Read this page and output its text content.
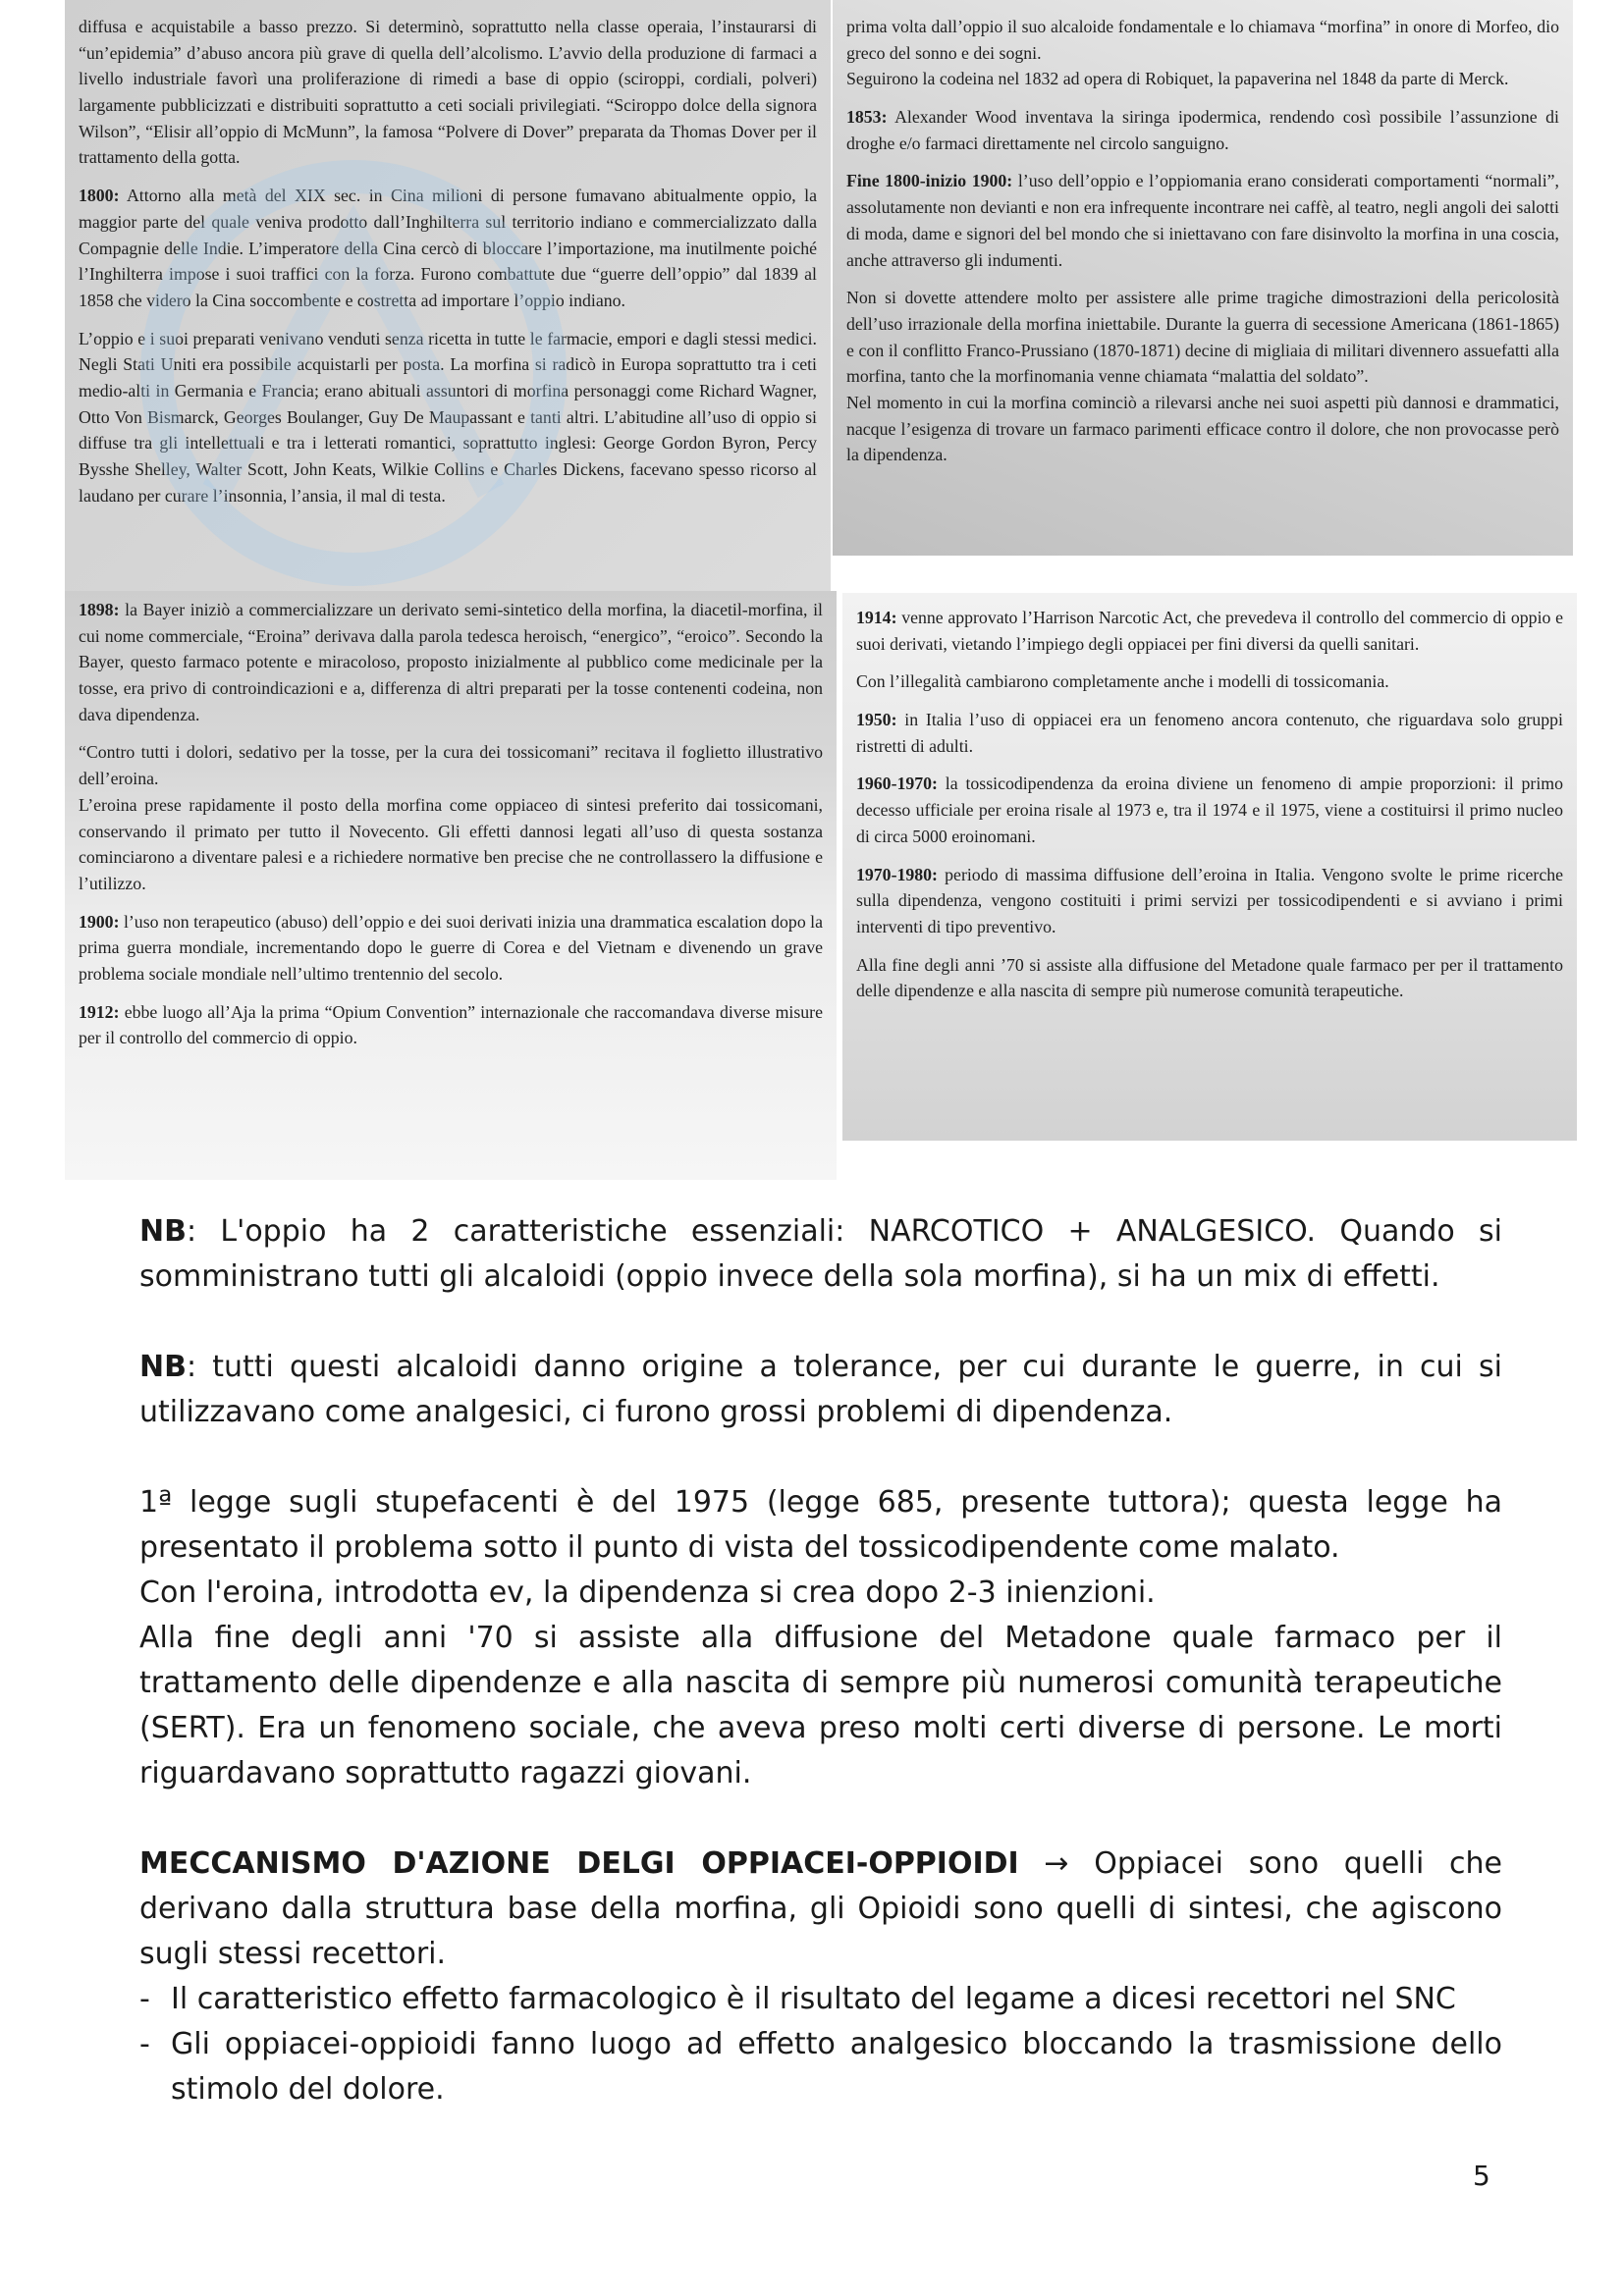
diffusa e acquistabile a basso prezzo. Si determinò, soprattutto nella classe operaia, l’instaurarsi di “un’epidemia” d’abuso ancora più grave di quella dell’alcolismo. L’avvio della produzione di farmaci a livello industriale favorì una proliferazione di rimedi a base di oppio (sciroppi, cordiali, polveri) largamente pubblicizzati e distribuiti soprattutto a ceti sociali privilegiati. “Sciroppo dolce della signora Wilson”, “Elisir all’oppio di McMunn”, la famosa “Polvere di Dover” preparata da Thomas Dover per il trattamento della gotta.

1800: Attorno alla metà del XIX sec. in Cina milioni di persone fumavano abitualmente oppio, la maggior parte del quale veniva prodotto dall’Inghilterra sul territorio indiano e commercializzato dalla Compagnie delle Indie. L’imperatore della Cina cercò di bloccare l’importazione, ma inutilmente poiché l’Inghilterra impose i suoi traffici con la forza. Furono combattute due “guerre dell’oppio” dal 1839 al 1858 che videro la Cina soccombente e costretta ad importare l’oppio indiano.

L’oppio e i suoi preparati venivano venduti senza ricetta in tutte le farmacie, empori e dagli stessi medici. Negli Stati Uniti era possibile acquistarli per posta. La morfina si radicò in Europa soprattutto tra i ceti medio-alti in Germania e Francia; erano abituali assuntori di morfina personaggi come Richard Wagner, Otto Von Bismarck, Georges Boulanger, Guy De Maupassant e tanti altri. L’abitudine all’uso di oppio si diffuse tra gli intellettuali e tra i letterati romantici, soprattutto inglesi: George Gordon Byron, Percy Bysshe Shelley, Walter Scott, John Keats, Wilkie Collins e Charles Dickens, facevano spesso ricorso al laudano per curare l’insonnia, l’ansia, il mal di testa.

prima volta dall’oppio il suo alcaloide fondamentale e lo chiamava “morfina” in onore di Morfeo, dio greco del sonno e dei sogni.

Seguirono la codeina nel 1832 ad opera di Robiquet, la papaverina nel 1848 da parte di Merck.

1853: Alexander Wood inventava la siringa ipodermica, rendendo così possibile l’assunzione di droghe e/o farmaci direttamente nel circolo sanguigno.

Fine 1800-inizio 1900: l’uso dell’oppio e l’oppiomania erano considerati comportamenti “normali”, assolutamente non devianti e non era infrequente incontrare nei caffè, al teatro, negli angoli dei salotti di moda, dame e signori del bel mondo che si iniettavano con fare disinvolto la morfina in una coscia, anche attraverso gli indumenti.

Non si dovette attendere molto per assistere alle prime tragiche dimostrazioni della pericolosità dell’uso irrazionale della morfina iniettabile. Durante la guerra di secessione Americana (1861-1865) e con il conflitto Franco-Prussiano (1870-1871) decine di migliaia di militari divennero assuefatti alla morfina, tanto che la morfinomania venne chiamata “malattia del soldato”.

Nel momento in cui la morfina cominciò a rilevarsi anche nei suoi aspetti più dannosi e drammatici, nacque l’esigenza di trovare un farmaco parimenti efficace contro il dolore, che non provocasse però la dipendenza.

1898: la Bayer iniziò a commercializzare un derivato semi-sintetico della morfina, la diacetil-morfina, il cui nome commerciale, “Eroina” derivava dalla parola tedesca heroisch, “energico”, “eroico”. Secondo la Bayer, questo farmaco potente e miracoloso, proposto inizialmente al pubblico come medicinale per la tosse, era privo di controindicazioni e a, differenza di altri preparati per la tosse contenenti codeina, non dava dipendenza.

“Contro tutti i dolori, sedativo per la tosse, per la cura dei tossicomani” recitava il foglietto illustrativo dell’eroina.

L’eroina prese rapidamente il posto della morfina come oppiaceo di sintesi preferito dai tossicomani, conservando il primato per tutto il Novecento. Gli effetti dannosi legati all’uso di questa sostanza cominciarono a diventare palesi e a richiedere normative ben precise che ne controllassero la diffusione e l’utilizzo.

1900: l’uso non terapeutico (abuso) dell’oppio e dei suoi derivati inizia una drammatica escalation dopo la prima guerra mondiale, incrementando dopo le guerre di Corea e del Vietnam e divenendo un grave problema sociale mondiale nell’ultimo trentennio del secolo.

1912: ebbe luogo all’Aja la prima “Opium Convention” internazionale che raccomandava diverse misure per il controllo del commercio di oppio.

1914: venne approvato l’Harrison Narcotic Act, che prevedeva il controllo del commercio di oppio e suoi derivati, vietando l’impiego degli oppiacei per fini diversi da quelli sanitari.

Con l’illegalità cambiarono completamente anche i modelli di tossicomania.

1950: in Italia l’uso di oppiacei era un fenomeno ancora contenuto, che riguardava solo gruppi ristretti di adulti.

1960-1970: la tossicodipendenza da eroina diviene un fenomeno di ampie proporzioni: il primo decesso ufficiale per eroina risale al 1973 e, tra il 1974 e il 1975, viene a costituirsi il primo nucleo di circa 5000 eroinomani.

1970-1980: periodo di massima diffusione dell’eroina in Italia. Vengono svolte le prime ricerche sulla dipendenza, vengono costituiti i primi servizi per tossicodipendenti e si avviano i primi interventi di tipo preventivo.

Alla fine degli anni ’70 si assiste alla diffusione del Metadone quale farmaco per per il trattamento delle dipendenze e alla nascita di sempre più numerose comunità terapeutiche.

NB: L'oppio ha 2 caratteristiche essenziali: NARCOTICO + ANALGESICO. Quando si somministrano tutti gli alcaloidi (oppio invece della sola morfina), si ha un mix di effetti.

NB: tutti questi alcaloidi danno origine a tolerance, per cui durante le guerre, in cui si utilizzavano come analgesici, ci furono grossi problemi di dipendenza.

1ª legge sugli stupefacenti è del 1975 (legge 685, presente tuttora); questa legge ha presentato il problema sotto il punto di vista del tossicodipendente come malato.

Con l'eroina, introdotta ev, la dipendenza si crea dopo 2-3 inienzioni.

Alla fine degli anni '70 si assiste alla diffusione del Metadone quale farmaco per il trattamento delle dipendenze e alla nascita di sempre più numerosi comunità terapeutiche (SERT). Era un fenomeno sociale, che aveva preso molti certi diverse di persone. Le morti riguardavano soprattutto ragazzi giovani.

MECCANISMO D'AZIONE DELGI OPPIACEI-OPPIOIDI → Oppiacei sono quelli che derivano dalla struttura base della morfina, gli Opioidi sono quelli di sintesi, che agiscono sugli stessi recettori.

- Il caratteristico effetto farmacologico è il risultato del legame a dicesi recettori nel SNC
- Gli oppiacei-oppioidi fanno luogo ad effetto analgesico bloccando la trasmissione dello stimolo del dolore.
5
